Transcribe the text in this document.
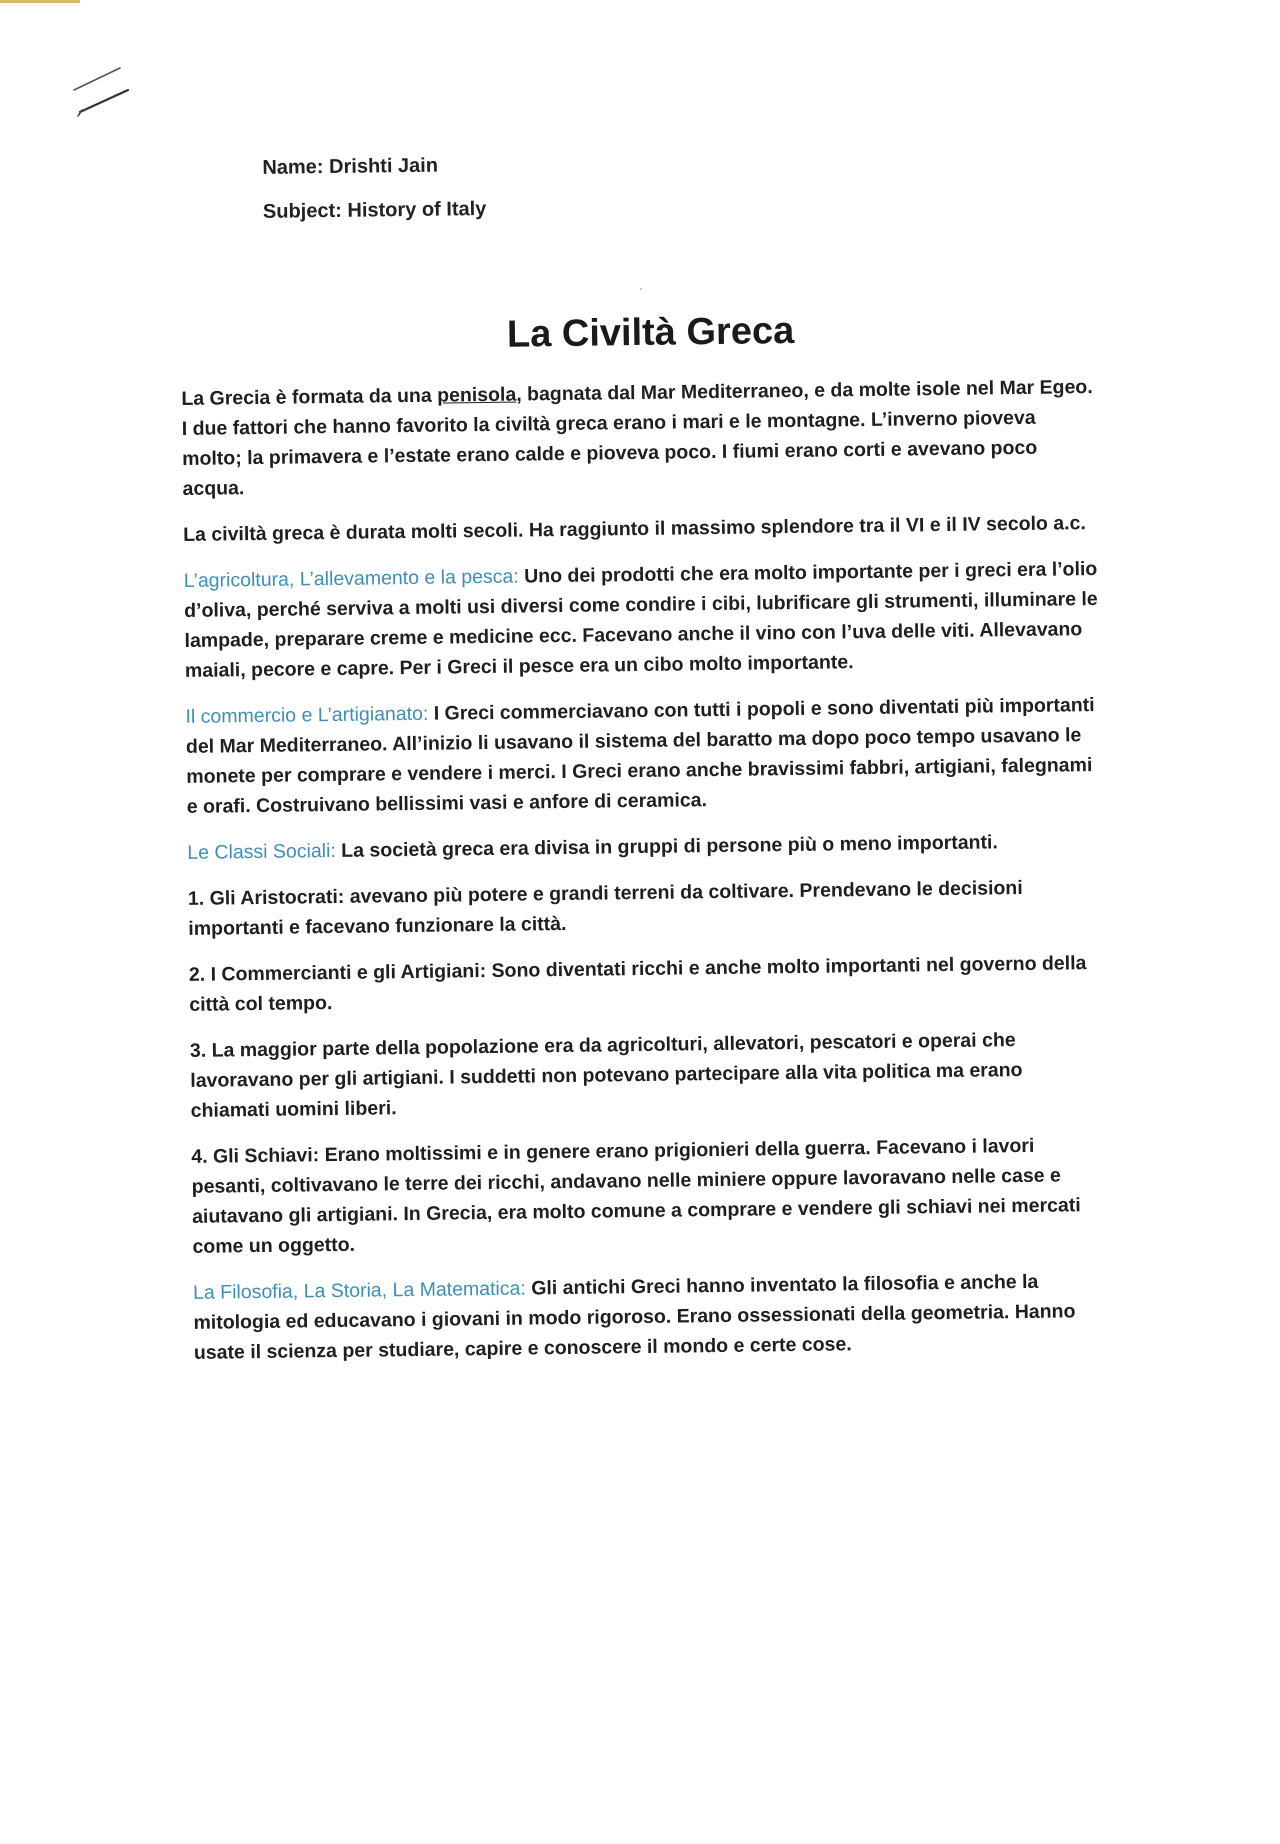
Name: Drishti Jain

Subject: History of Italy

La Civiltà Greca

La Grecia è formata da una penisola, bagnata dal Mar Mediterraneo, e da molte isole nel Mar Egeo. I due fattori che hanno favorito la civiltà greca erano i mari e le montagne. L’inverno pioveva molto; la primavera e l’estate erano calde e pioveva poco. I fiumi erano corti e avevano poco acqua.

La civiltà greca è durata molti secoli. Ha raggiunto il massimo splendore tra il VI e il IV secolo a.c.

L’agricoltura, L’allevamento e la pesca: Uno dei prodotti che era molto importante per i greci era l’olio d’oliva, perché serviva a molti usi diversi come condire i cibi, lubrificare gli strumenti, illuminare le lampade, preparare creme e medicine ecc. Facevano anche il vino con l’uva delle viti. Allevavano maiali, pecore e capre. Per i Greci il pesce era un cibo molto importante.

Il commercio e L’artigianato: I Greci commerciavano con tutti i popoli e sono diventati più importanti del Mar Mediterraneo. All’inizio li usavano il sistema del baratto ma dopo poco tempo usavano le monete per comprare e vendere i merci. I Greci erano anche bravissimi fabbri, artigiani, falegnami e orafi. Costruivano bellissimi vasi e anfore di ceramica.

Le Classi Sociali: La società greca era divisa in gruppi di persone più o meno importanti.

1. Gli Aristocrati: avevano più potere e grandi terreni da coltivare. Prendevano le decisioni importanti e facevano funzionare la città.

2. I Commercianti e gli Artigiani: Sono diventati ricchi e anche molto importanti nel governo della città col tempo.

3. La maggior parte della popolazione era da agricolturi, allevatori, pescatori e operai che lavoravano per gli artigiani. I suddetti non potevano partecipare alla vita politica ma erano chiamati uomini liberi.

4. Gli Schiavi: Erano moltissimi e in genere erano prigionieri della guerra. Facevano i lavori pesanti, coltivavano le terre dei ricchi, andavano nelle miniere oppure lavoravano nelle case e aiutavano gli artigiani. In Grecia, era molto comune a comprare e vendere gli schiavi nei mercati come un oggetto.

La Filosofia, La Storia, La Matematica: Gli antichi Greci hanno inventato la filosofia e anche la mitologia ed educavano i giovani in modo rigoroso. Erano ossessionati della geometria. Hanno usate il scienza per studiare, capire e conoscere il mondo e certe cose.
